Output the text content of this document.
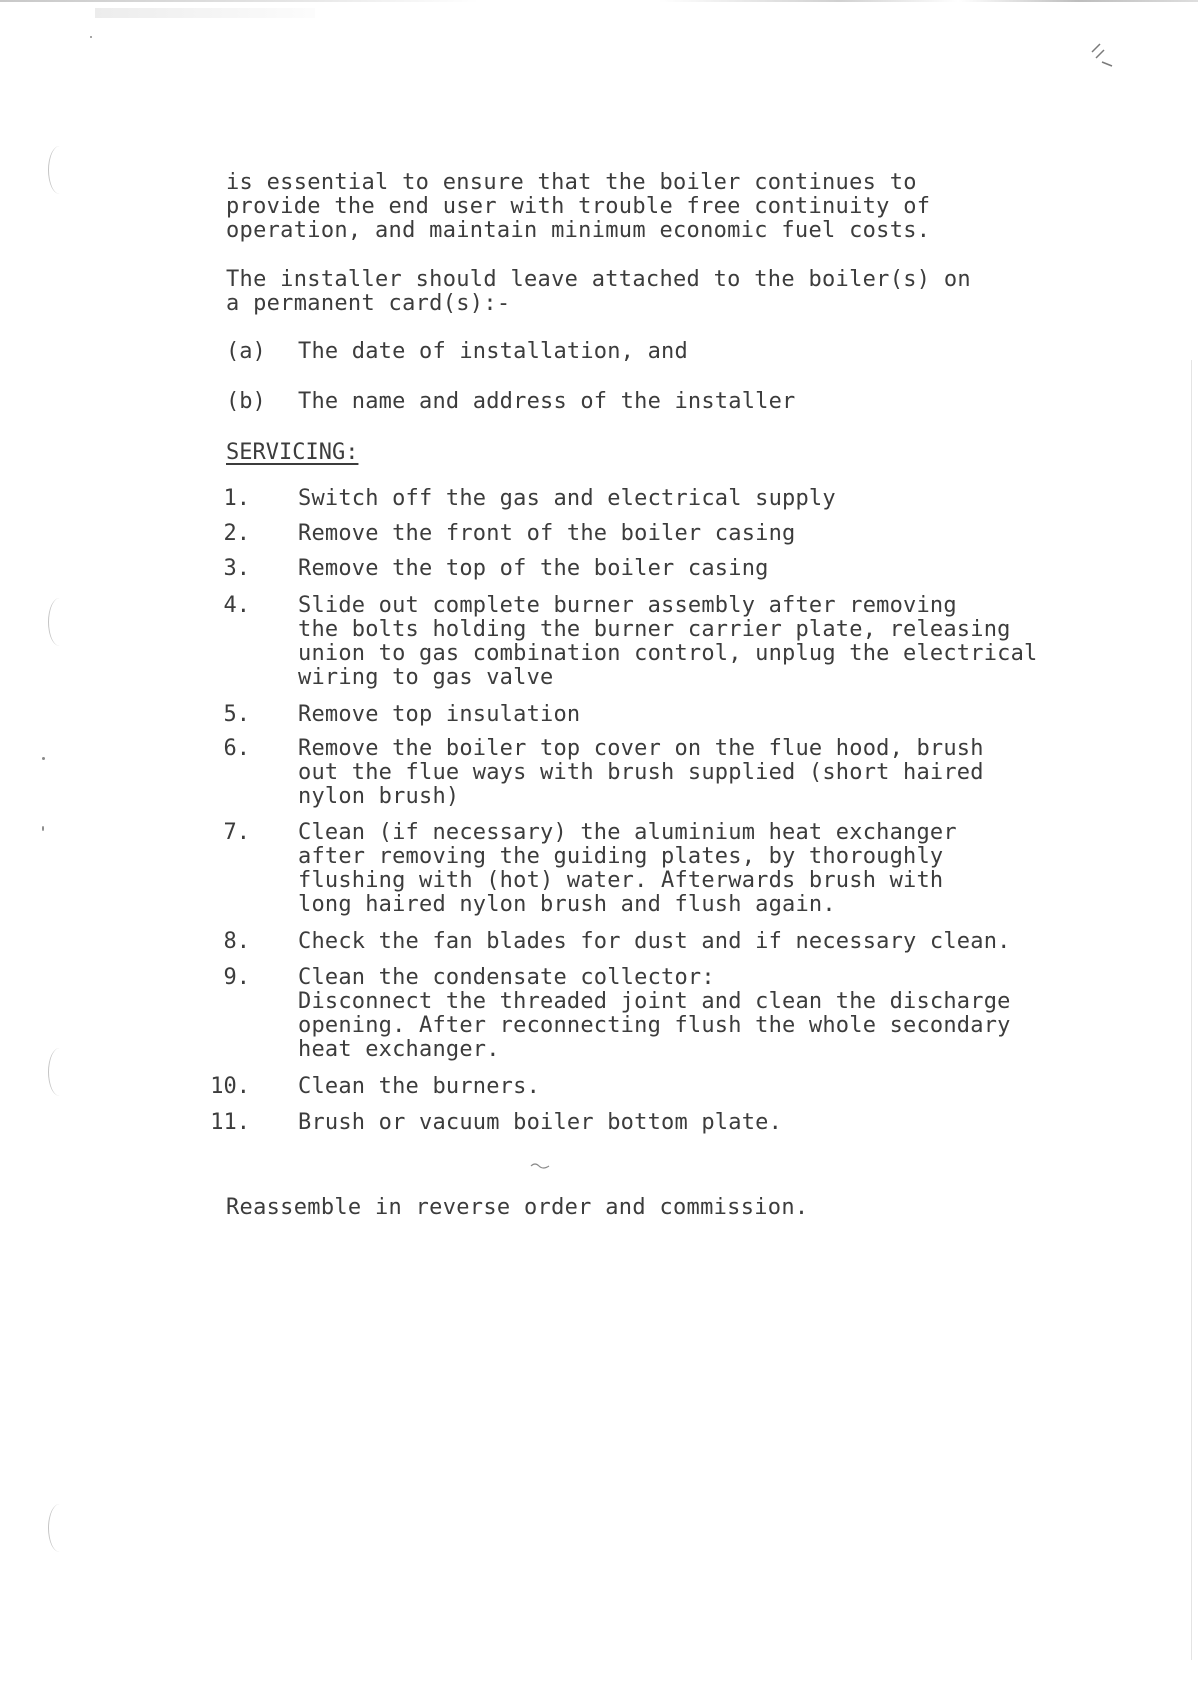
is essential to ensure that the boiler continues to
provide the end user with trouble free continuity of
operation, and maintain minimum economic fuel costs.
The installer should leave attached to the boiler(s) on
a permanent card(s):-
(a) The date of installation, and
(b) The name and address of the installer
SERVICING:
1. Switch off the gas and electrical supply
2. Remove the front of the boiler casing
3. Remove the top of the boiler casing
4. Slide out complete burner assembly after removing
the bolts holding the burner carrier plate, releasing
union to gas combination control, unplug the electrical
wiring to gas valve
5. Remove top insulation
6. Remove the boiler top cover on the flue hood, brush
out the flue ways with brush supplied (short haired
nylon brush)
7. Clean (if necessary) the aluminium heat exchanger
after removing the guiding plates, by thoroughly
flushing with (hot) water. Afterwards brush with
long haired nylon brush and flush again.
8. Check the fan blades for dust and if necessary clean.
9. Clean the condensate collector:
Disconnect the threaded joint and clean the discharge
opening. After reconnecting flush the whole secondary
heat exchanger.
10. Clean the burners.
11. Brush or vacuum boiler bottom plate.
Reassemble in reverse order and commission.
